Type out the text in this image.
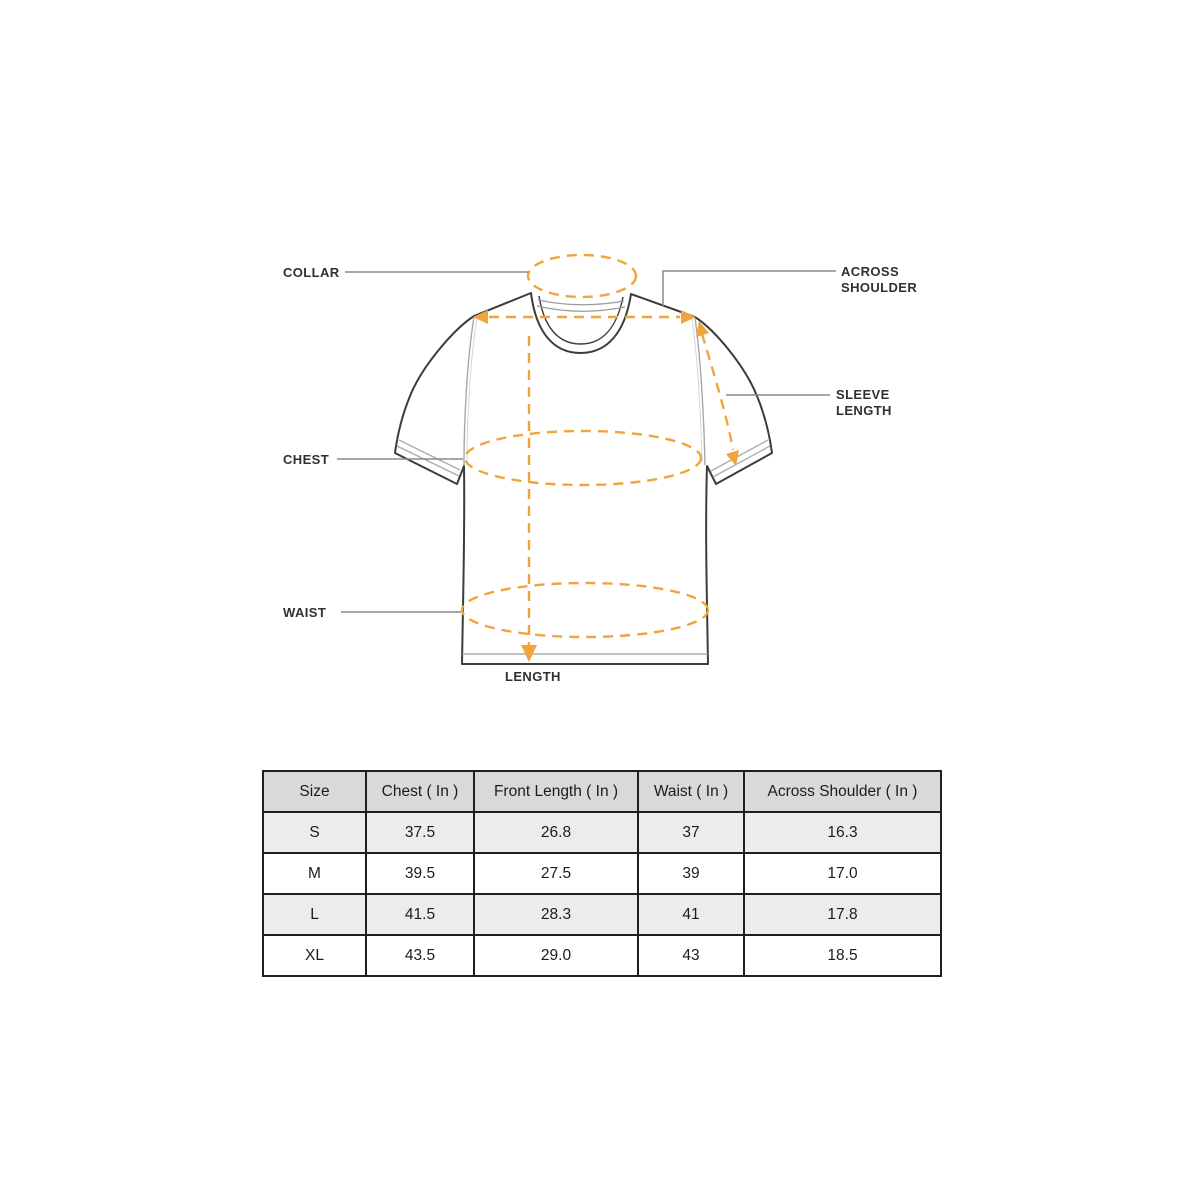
COLLAR	ACROSS
SHOULDER
SLEEVE
LENGTH
CHEST
WAIST
LENGTH
Size	Chest ( In )	Front Length ( In )	Waist ( In )	Across Shoulder ( In )
S	37.5	26.8	37	16.3
M	39.5	27.5	39	17.0
L	41.5	28.3	41	17.8
XL	43.5	29.0	43	18.5
